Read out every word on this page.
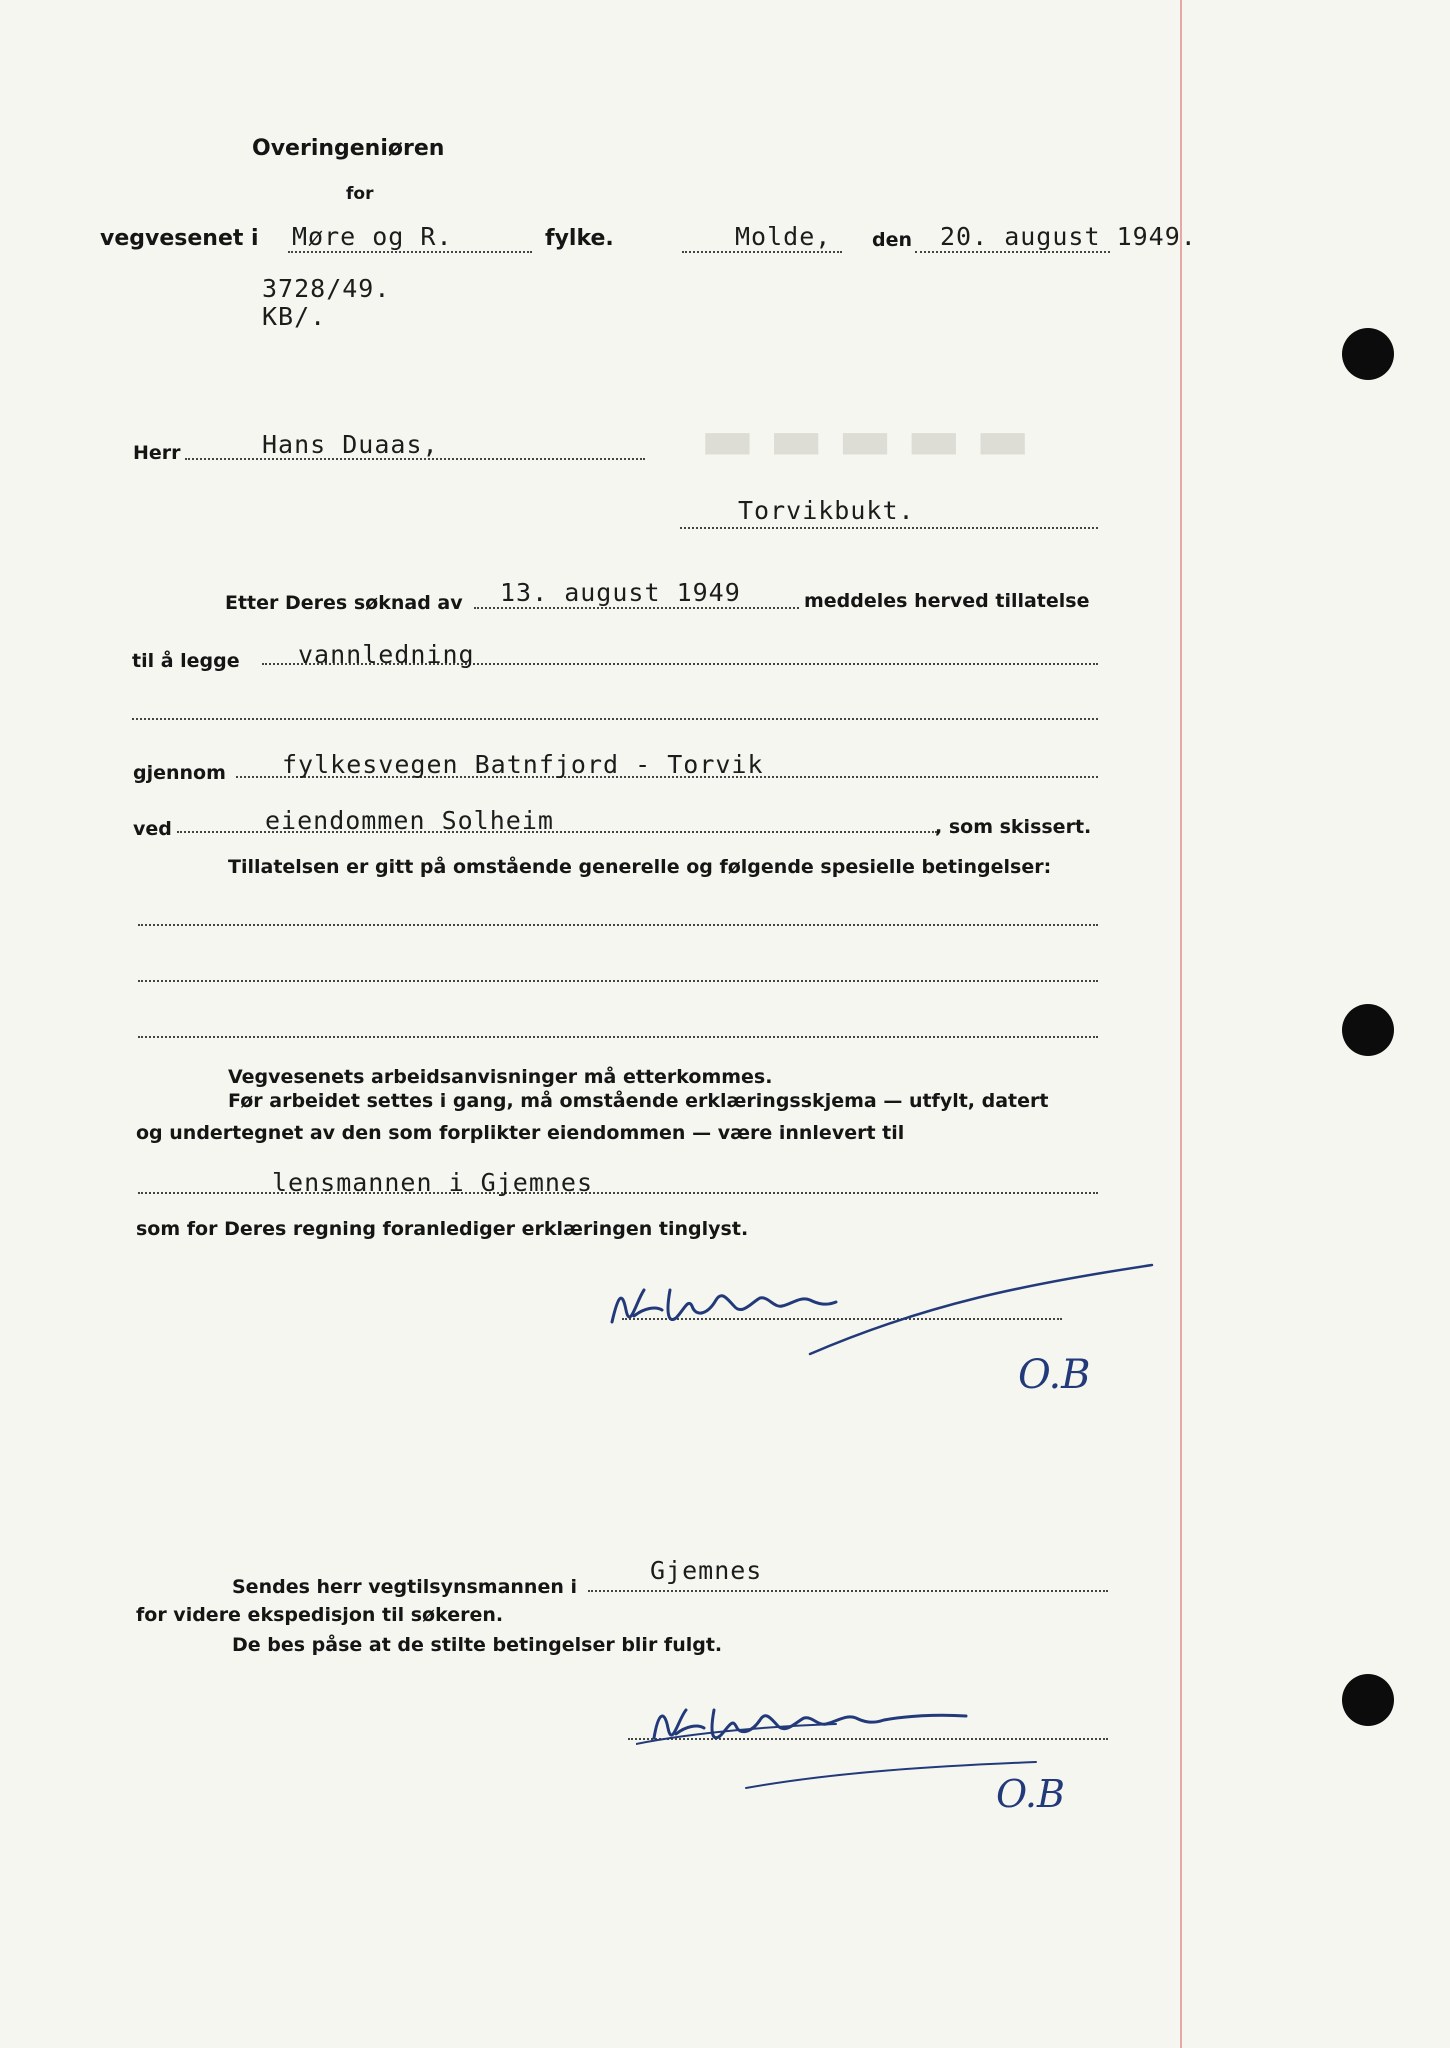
▬▬▬▬▬
Overingeniøren
for
vegvesenet i Møre og R.	fylke.	Molde, den 20. august 1949.
3728/49.
KB/.
Herr	Hans Duaas,
Torvikbukt.
Etter Deres søknad av 13. august 1949	meddeles herved tillatelse
til å legge vannledning
gjennom fylkesvegen Batnfjord - Torvik
ved	eiendommen Solheim	, som skissert.
Tillatelsen er gitt på omstående generelle og følgende spesielle betingelser:
Vegvesenets arbeidsanvisninger må etterkommes.
Før arbeidet settes i gang, må omstående erklæringsskjema — utfylt, datert
og undertegnet av den som forplikter eiendommen — være innlevert til
lensmannen i Gjemnes
som for Deres regning foranlediger erklæringen tinglyst.
O.B
Sendes herr vegtilsynsmannen i
Gjemnes
for videre ekspedisjon til søkeren.
De bes påse at de stilte betingelser blir fulgt.
O.B
